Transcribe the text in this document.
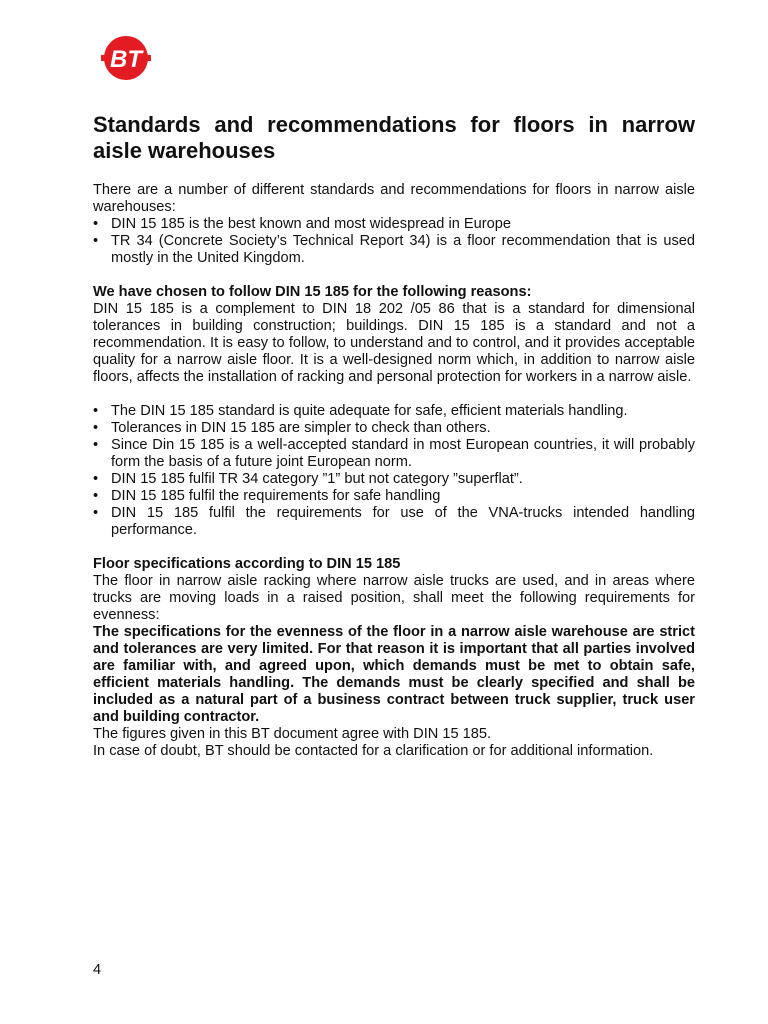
BT
Standards and recommendations for floors in narrow aisle warehouses

There are a number of different standards and recommendations for floors in narrow aisle warehouses:

• DIN 15 185 is the best known and most widespread in Europe
• TR 34 (Concrete Society’s Technical Report 34) is a floor recommendation that is used mostly in the United Kingdom.

We have chosen to follow DIN 15 185 for the following reasons:

DIN 15 185 is a complement to DIN 18 202 /05 86 that is a standard for dimensional tolerances in building construction; buildings. DIN 15 185 is a standard and not a recommendation. It is easy to follow, to understand and to control, and it provides acceptable quality for a narrow aisle floor. It is a well-designed norm which, in addition to narrow aisle floors, affects the installation of racking and personal protection for workers in a narrow aisle.

• The DIN 15 185 standard is quite adequate for safe, efficient materials handling.
• Tolerances in DIN 15 185 are simpler to check than others.
• Since Din 15 185 is a well-accepted standard in most European countries, it will probably form the basis of a future joint European norm.
• DIN 15 185 fulfil TR 34 category ”1” but not category ”superflat”.
• DIN 15 185 fulfil the requirements for safe handling
• DIN 15 185 fulfil the requirements for use of the VNA-trucks intended handling performance.

Floor specifications according to DIN 15 185

The floor in narrow aisle racking where narrow aisle trucks are used, and in areas where trucks are moving loads in a raised position, shall meet the following requirements for evenness:

The specifications for the evenness of the floor in a narrow aisle warehouse are strict and tolerances are very limited. For that reason it is important that all parties involved are familiar with, and agreed upon, which demands must be met to obtain safe, efficient materials handling. The demands must be clearly specified and shall be included as a natural part of a business contract between truck supplier, truck user and building contractor.

The figures given in this BT document agree with DIN 15 185.

In case of doubt, BT should be contacted for a clarification or for additional information.

4
